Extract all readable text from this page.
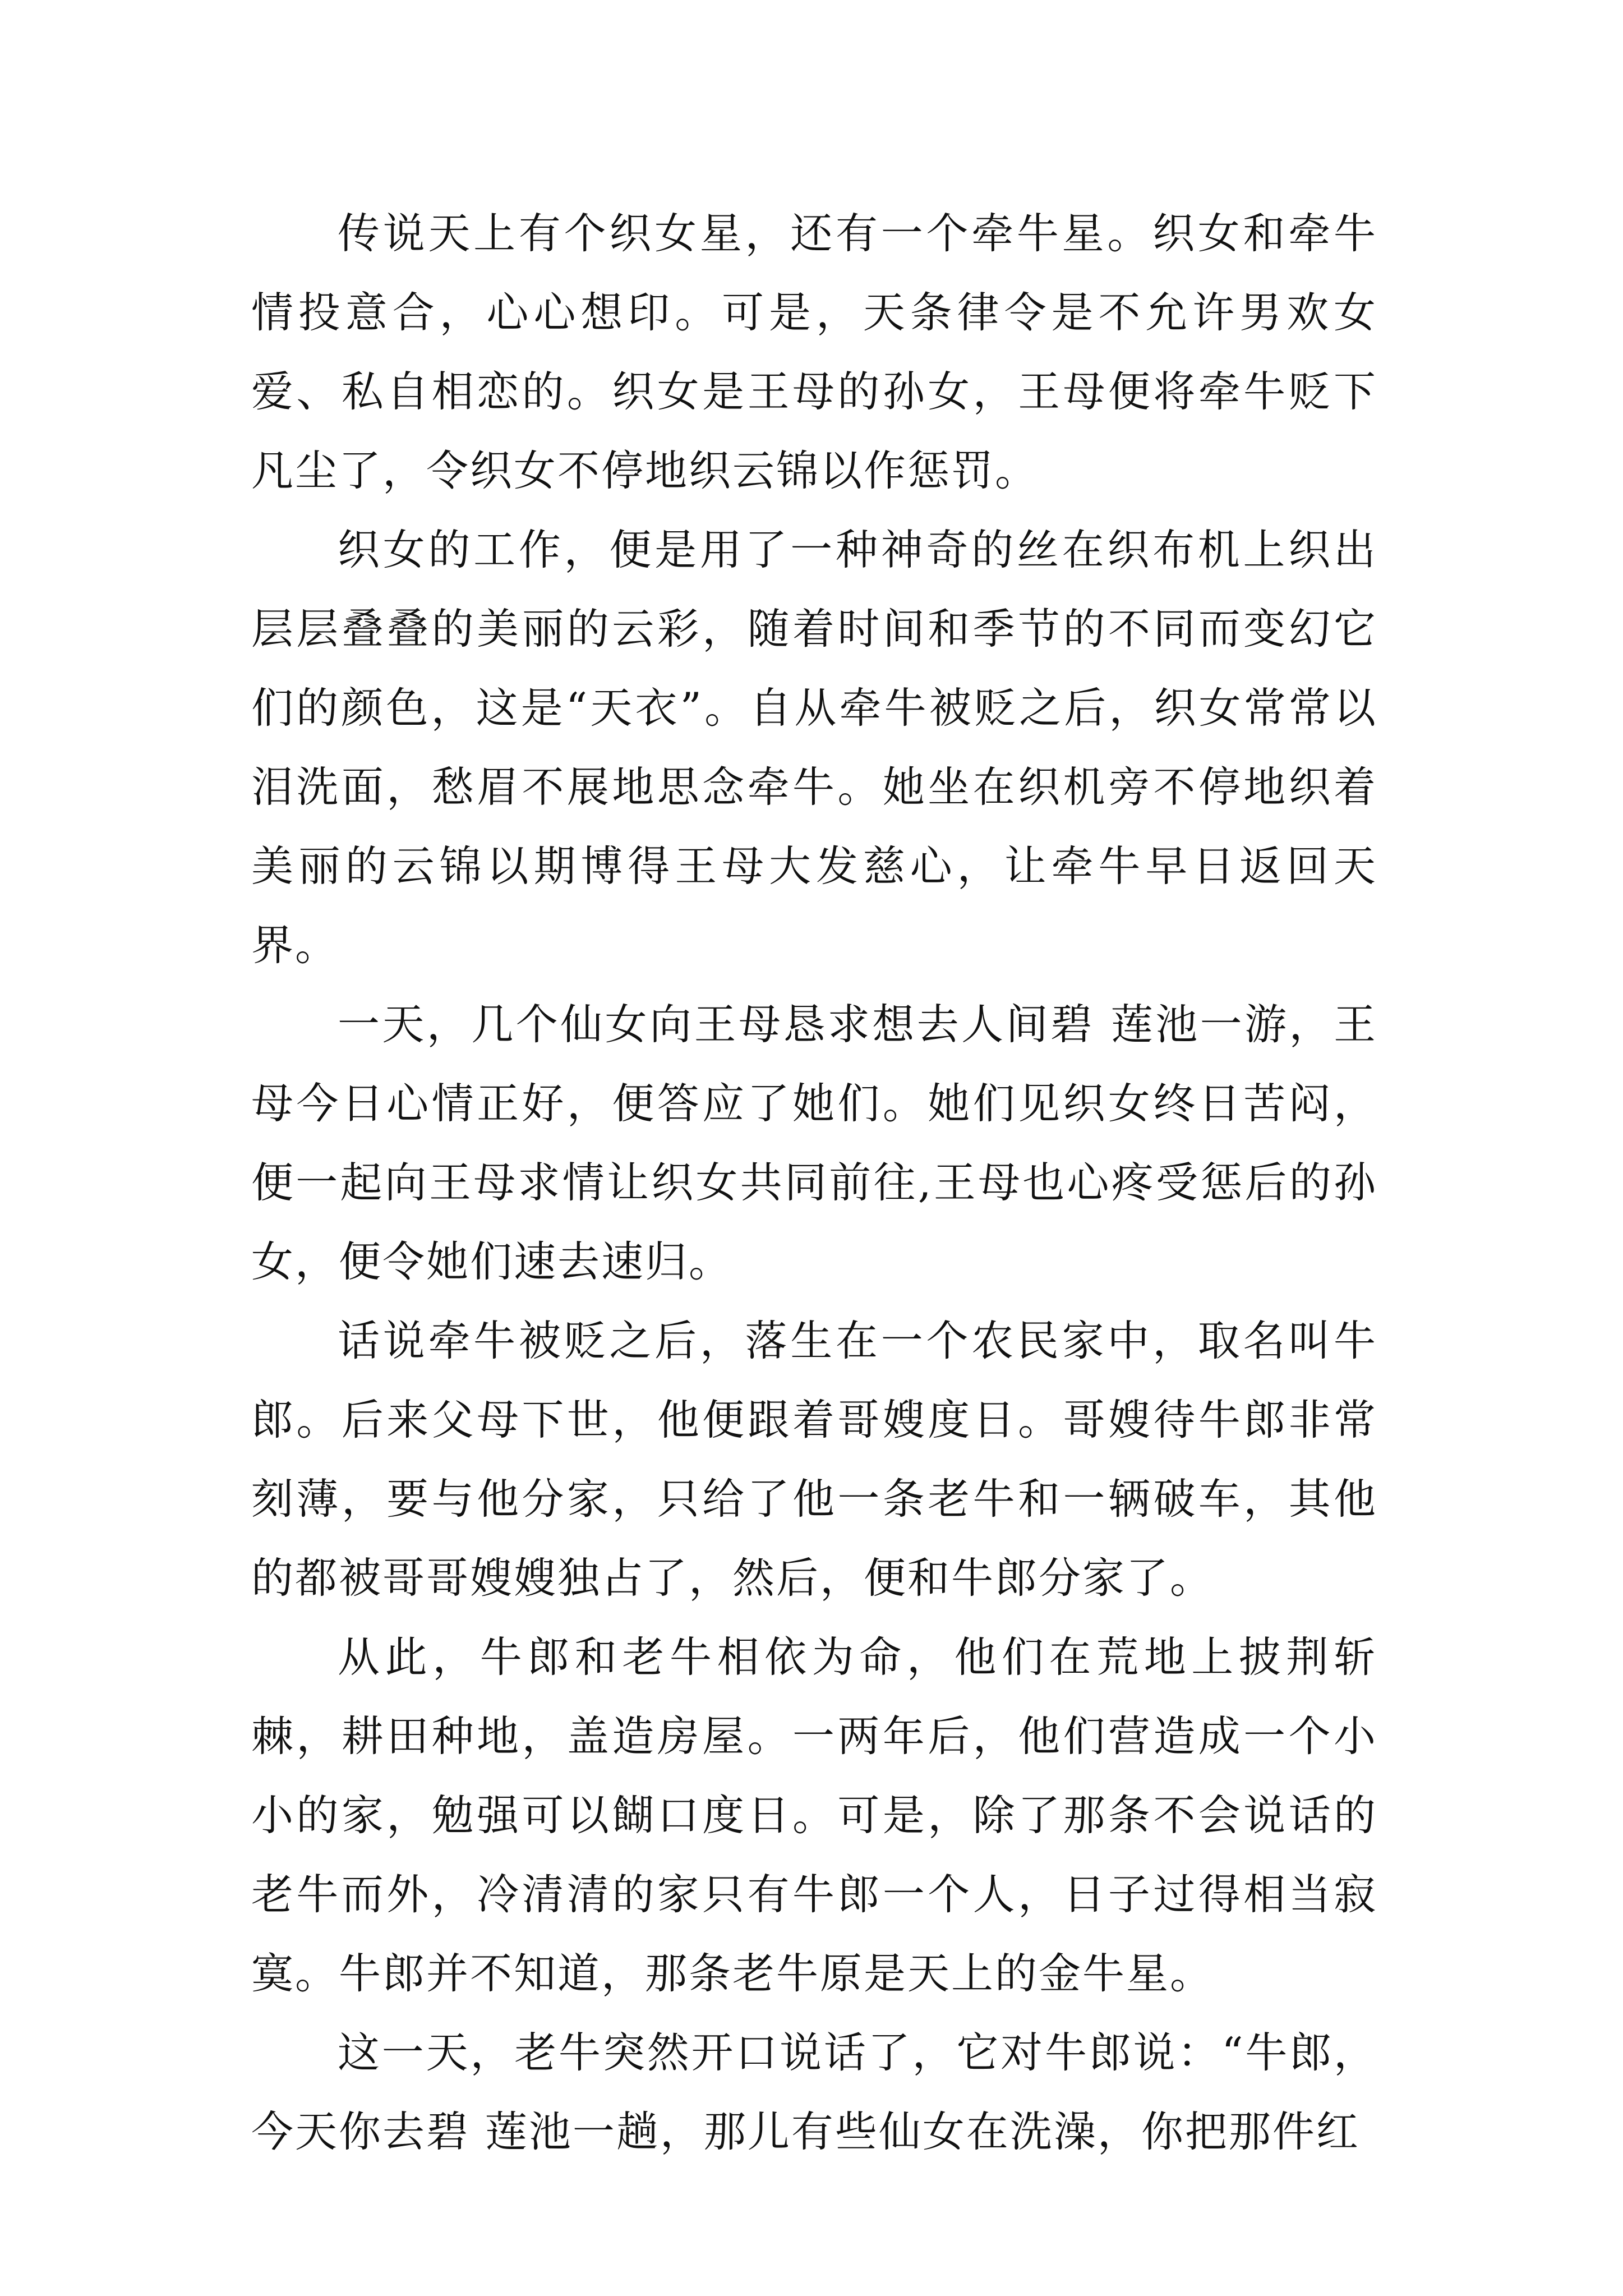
传说天上有个织女星，还有一个牵牛星。织女和牵牛情投意合，心心想印。可是，天条律令是不允许男欢女爱、私自相恋的。织女是王母的孙女，王母便将牵牛贬下凡尘了，令织女不停地织云锦以作惩罚。

织女的工作，便是用了一种神奇的丝在织布机上织出层层叠叠的美丽的云彩，随着时间和季节的不同而变幻它们的颜色，这是“天衣”。自从牵牛被贬之后，织女常常以泪洗面，愁眉不展地思念牵牛。她坐在织机旁不停地织着美丽的云锦以期博得王母大发慈心，让牵牛早日返回天界。

一天，几个仙女向王母恳求想去人间碧 莲池一游，王母今日心情正好，便答应了她们。她们见织女终日苦闷，便一起向王母求情让织女共同前往,王母也心疼受惩后的孙女，便令她们速去速归。

话说牵牛被贬之后，落生在一个农民家中，取名叫牛郎。后来父母下世，他便跟着哥嫂度日。哥嫂待牛郎非常刻薄，要与他分家，只给了他一条老牛和一辆破车，其他的都被哥哥嫂嫂独占了，然后，便和牛郎分家了。

从此，牛郎和老牛相依为命，他们在荒地上披荆斩棘，耕田种地，盖造房屋。一两年后，他们营造成一个小小的家，勉强可以餬口度日。可是，除了那条不会说话的老牛而外，冷清清的家只有牛郎一个人，日子过得相当寂寞。牛郎并不知道，那条老牛原是天上的金牛星。

这一天，老牛突然开口说话了，它对牛郎说：“牛郎，今天你去碧 莲池一趟，那儿有些仙女在洗澡，你把那件红
